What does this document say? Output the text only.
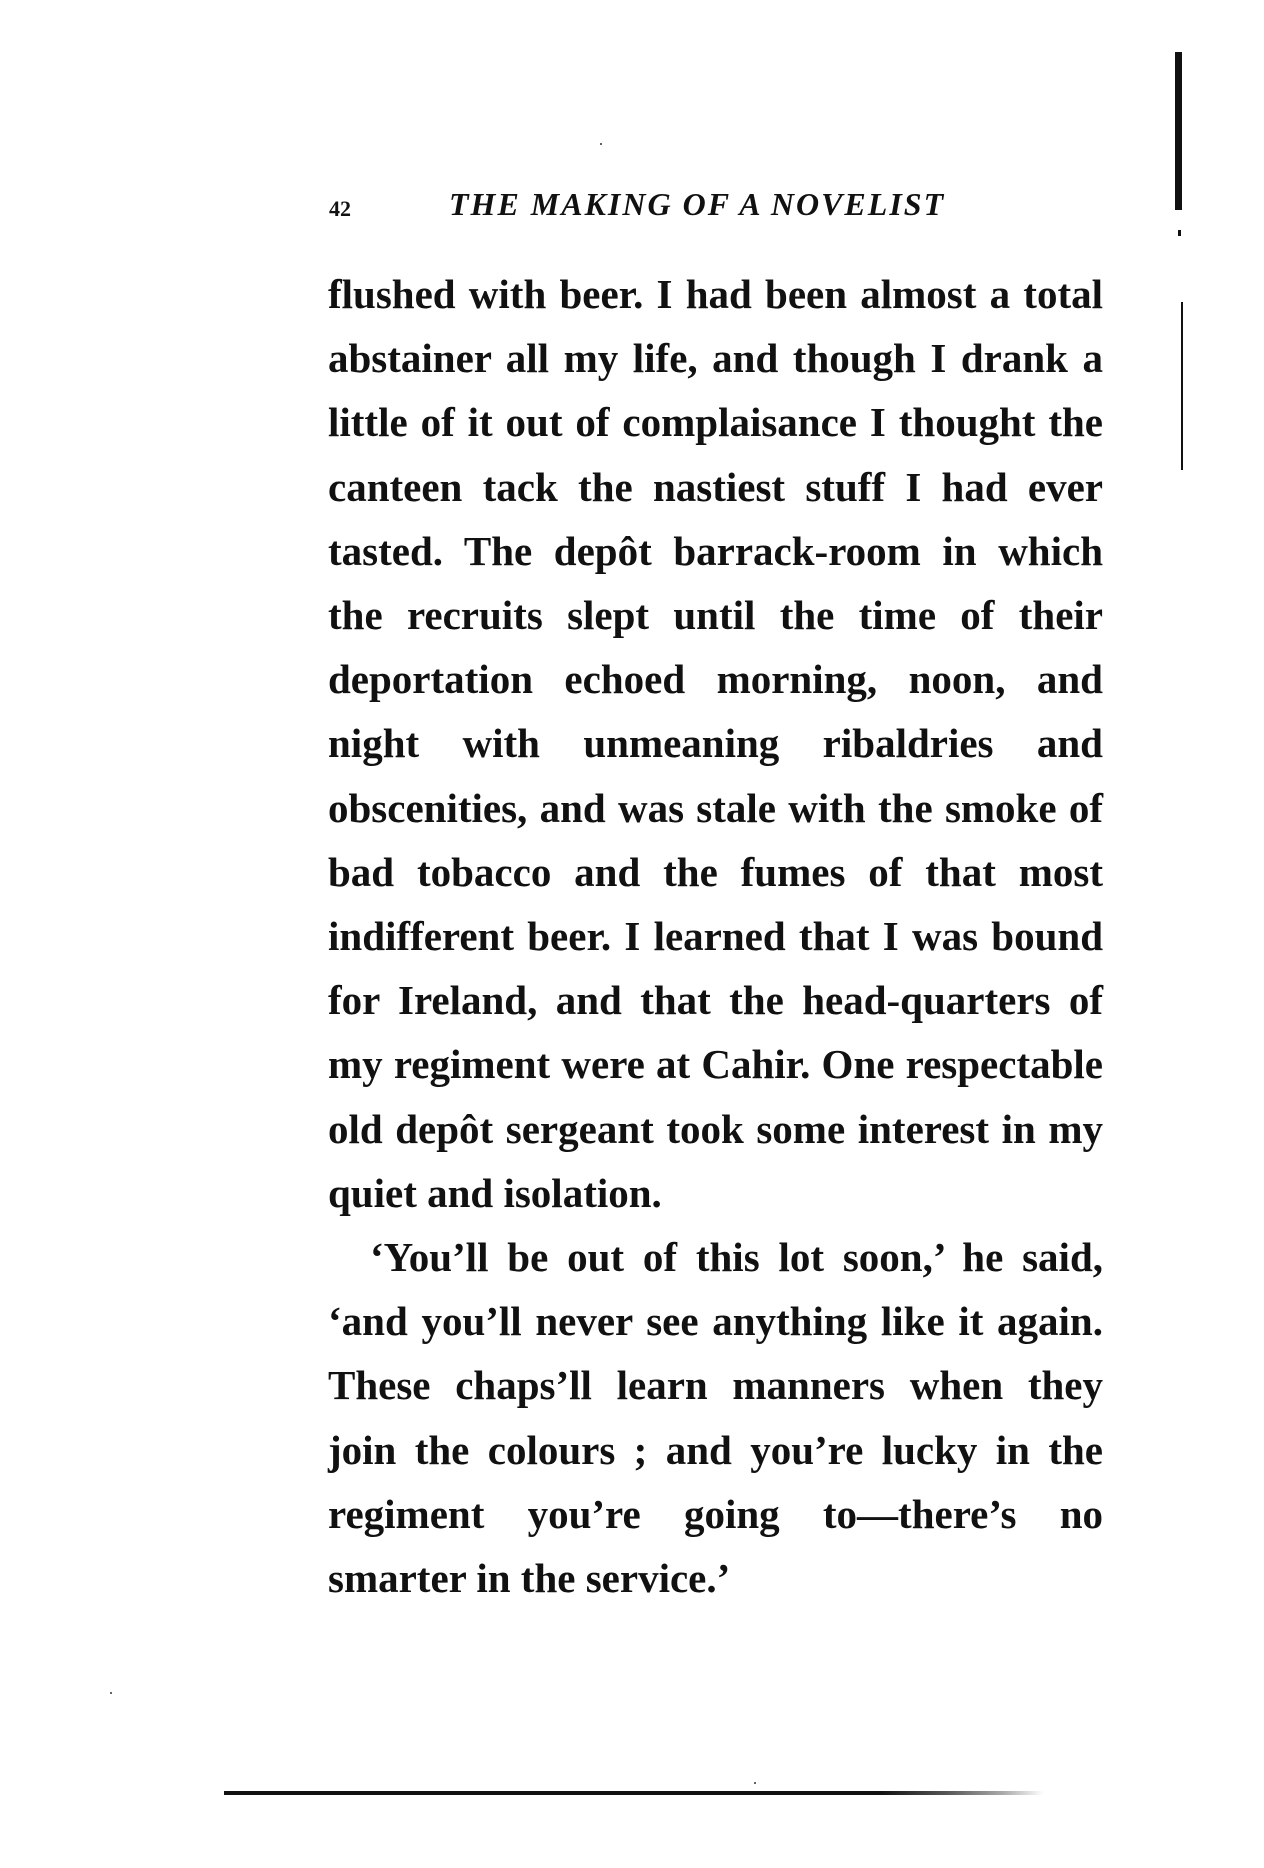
42	THE MAKING OF A NOVELIST

flushed with beer. I had been almost a total abstainer all my life, and though I drank a little of it out of complaisance I thought the canteen tack the nastiest stuff I had ever tasted. The depôt barrack-room in which the recruits slept until the time of their deportation echoed morning, noon, and night with unmeaning ribaldries and obscenities, and was stale with the smoke of bad tobacco and the fumes of that most indifferent beer. I learned that I was bound for Ireland, and that the head-quarters of my regiment were at Cahir. One respectable old depôt sergeant took some interest in my quiet and isolation.

‘You’ll be out of this lot soon,’ he said, ‘and you’ll never see anything like it again. These chaps’ll learn manners when they join the colours ; and you’re lucky in the regiment you’re going to—there’s no smarter in the service.’
